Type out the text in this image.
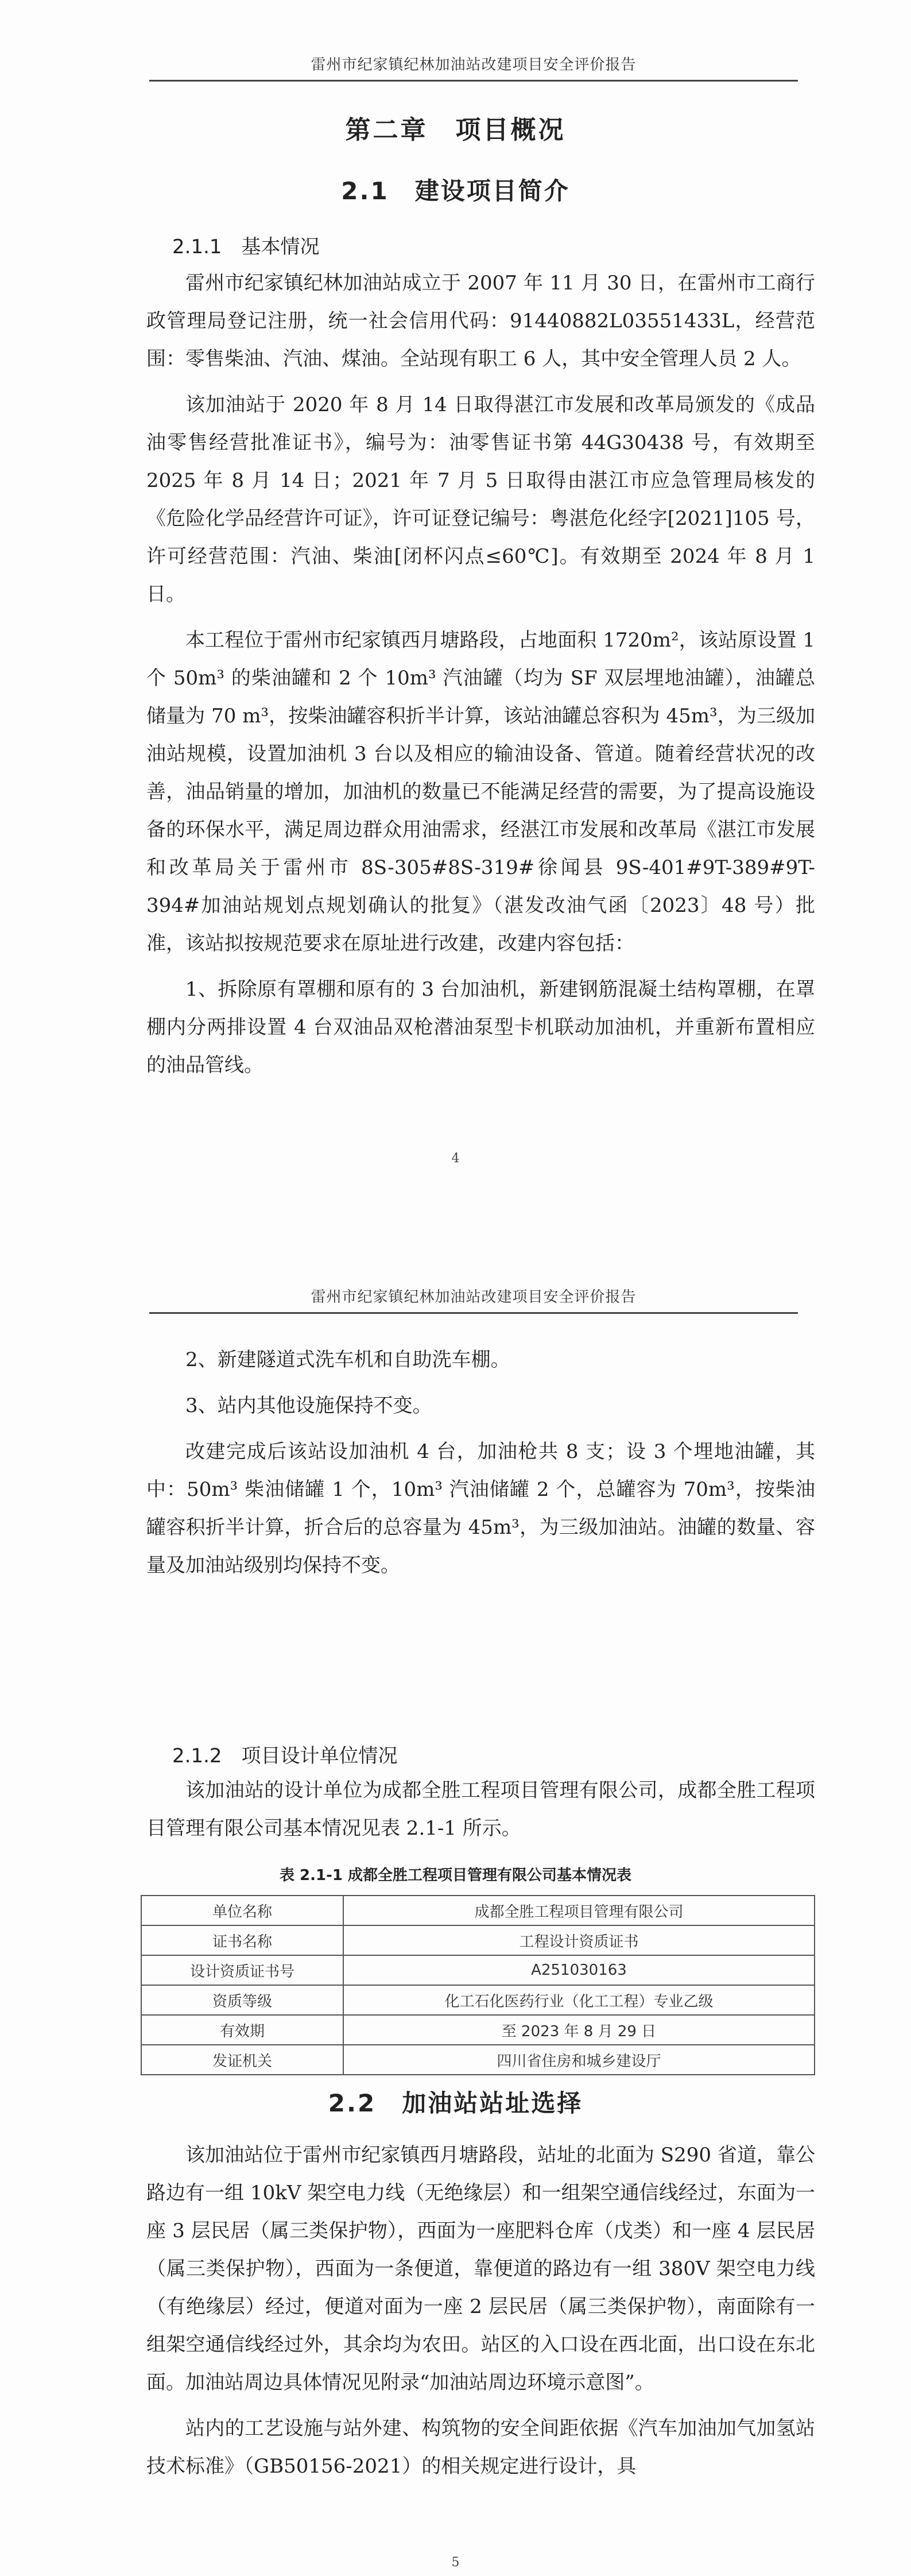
雷州市纪家镇纪林加油站改建项目安全评价报告
第二章　项目概况
2.1　建设项目简介
2.1.1　基本情况

雷州市纪家镇纪林加油站成立于 2007 年 11 月 30 日，在雷州市工商行政管理局登记注册，统一社会信用代码：91440882L03551433L，经营范围：零售柴油、汽油、煤油。全站现有职工 6 人，其中安全管理人员 2 人。

该加油站于 2020 年 8 月 14 日取得湛江市发展和改革局颁发的《成品油零售经营批准证书》，编号为：油零售证书第 44G30438 号，有效期至 2025 年 8 月 14 日；2021 年 7 月 5 日取得由湛江市应急管理局核发的《危险化学品经营许可证》，许可证登记编号：粤湛危化经字[2021]105 号，许可经营范围：汽油、柴油[闭杯闪点≤60℃]。有效期至 2024 年 8 月 1 日。

本工程位于雷州市纪家镇西月塘路段，占地面积 1720m²，该站原设置 1 个 50m³ 的柴油罐和 2 个 10m³ 汽油罐（均为 SF 双层埋地油罐），油罐总储量为 70 m³，按柴油罐容积折半计算，该站油罐总容积为 45m³，为三级加油站规模，设置加油机 3 台以及相应的输油设备、管道。随着经营状况的改善，油品销量的增加，加油机的数量已不能满足经营的需要，为了提高设施设备的环保水平，满足周边群众用油需求，经湛江市发展和改革局《湛江市发展和改革局关于雷州市 8S-305#8S-319#徐闻县 9S-401#9T-389#9T-394#加油站规划点规划确认的批复》（湛发改油气函〔2023〕48 号）批准，该站拟按规范要求在原址进行改建，改建内容包括：

1、拆除原有罩棚和原有的 3 台加油机，新建钢筋混凝土结构罩棚，在罩棚内分两排设置 4 台双油品双枪潜油泵型卡机联动加油机，并重新布置相应的油品管线。

4
雷州市纪家镇纪林加油站改建项目安全评价报告

2、新建隧道式洗车机和自助洗车棚。

3、站内其他设施保持不变。

改建完成后该站设加油机 4 台，加油枪共 8 支；设 3 个埋地油罐，其中：50m³ 柴油储罐 1 个，10m³ 汽油储罐 2 个，总罐容为 70m³，按柴油罐容积折半计算，折合后的总容量为 45m³，为三级加油站。油罐的数量、容量及加油站级别均保持不变。

2.1.2　项目设计单位情况

该加油站的设计单位为成都全胜工程项目管理有限公司，成都全胜工程项目管理有限公司基本情况见表 2.1-1 所示。

表 2.1-1 成都全胜工程项目管理有限公司基本情况表
单位名称	成都全胜工程项目管理有限公司
证书名称	工程设计资质证书
设计资质证书号	A251030163
资质等级	化工石化医药行业（化工工程）专业乙级
有效期	至 2023 年 8 月 29 日
发证机关	四川省住房和城乡建设厅
2.2　加油站站址选择

该加油站位于雷州市纪家镇西月塘路段，站址的北面为 S290 省道，靠公路边有一组 10kV 架空电力线（无绝缘层）和一组架空通信线经过，东面为一座 3 层民居（属三类保护物），西面为一座肥料仓库（戊类）和一座 4 层民居（属三类保护物），西面为一条便道，靠便道的路边有一组 380V 架空电力线（有绝缘层）经过，便道对面为一座 2 层民居（属三类保护物），南面除有一组架空通信线经过外，其余均为农田。站区的入口设在西北面，出口设在东北面。加油站周边具体情况见附录“加油站周边环境示意图”。

站内的工艺设施与站外建、构筑物的安全间距依据《汽车加油加气加氢站技术标准》（GB50156-2021）的相关规定进行设计，具

5
